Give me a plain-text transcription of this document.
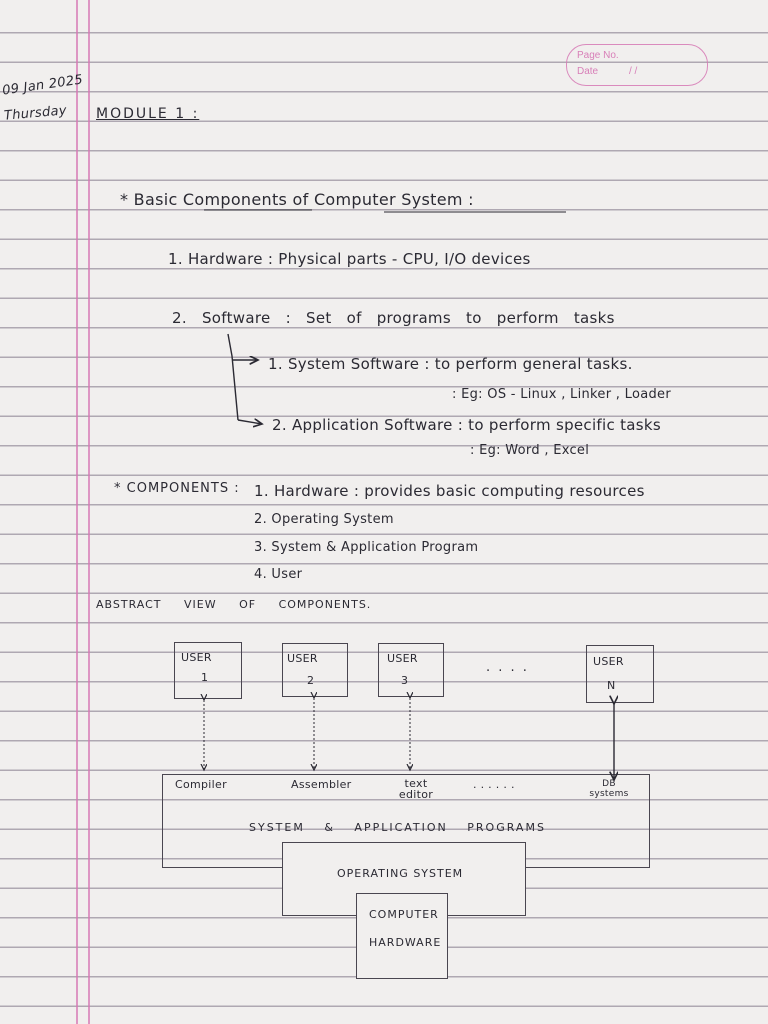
Page No.
Date	/ /
09 Jan 2025
Thursday MODULE 1 :
* Basic Components of Computer System :
1. Hardware : Physical parts - CPU, I/O devices
2. Software : Set of programs to perform tasks
1. System Software : to perform general tasks.
: Eg: OS - Linux , Linker , Loader
2. Application Software : to perform specific tasks
: Eg: Word , Excel
* COMPONENTS : 1. Hardware : provides basic computing resources
2. Operating System
3. System & Application Program
4. User
ABSTRACT VIEW OF COMPONENTS.
USER
1
USER
2
USER
3
. . . .	USER
N
Compiler	Assembler	text editor
. . . . . .	DB systems
SYSTEM & APPLICATION PROGRAMS
OPERATING SYSTEM
COMPUTER
HARDWARE
